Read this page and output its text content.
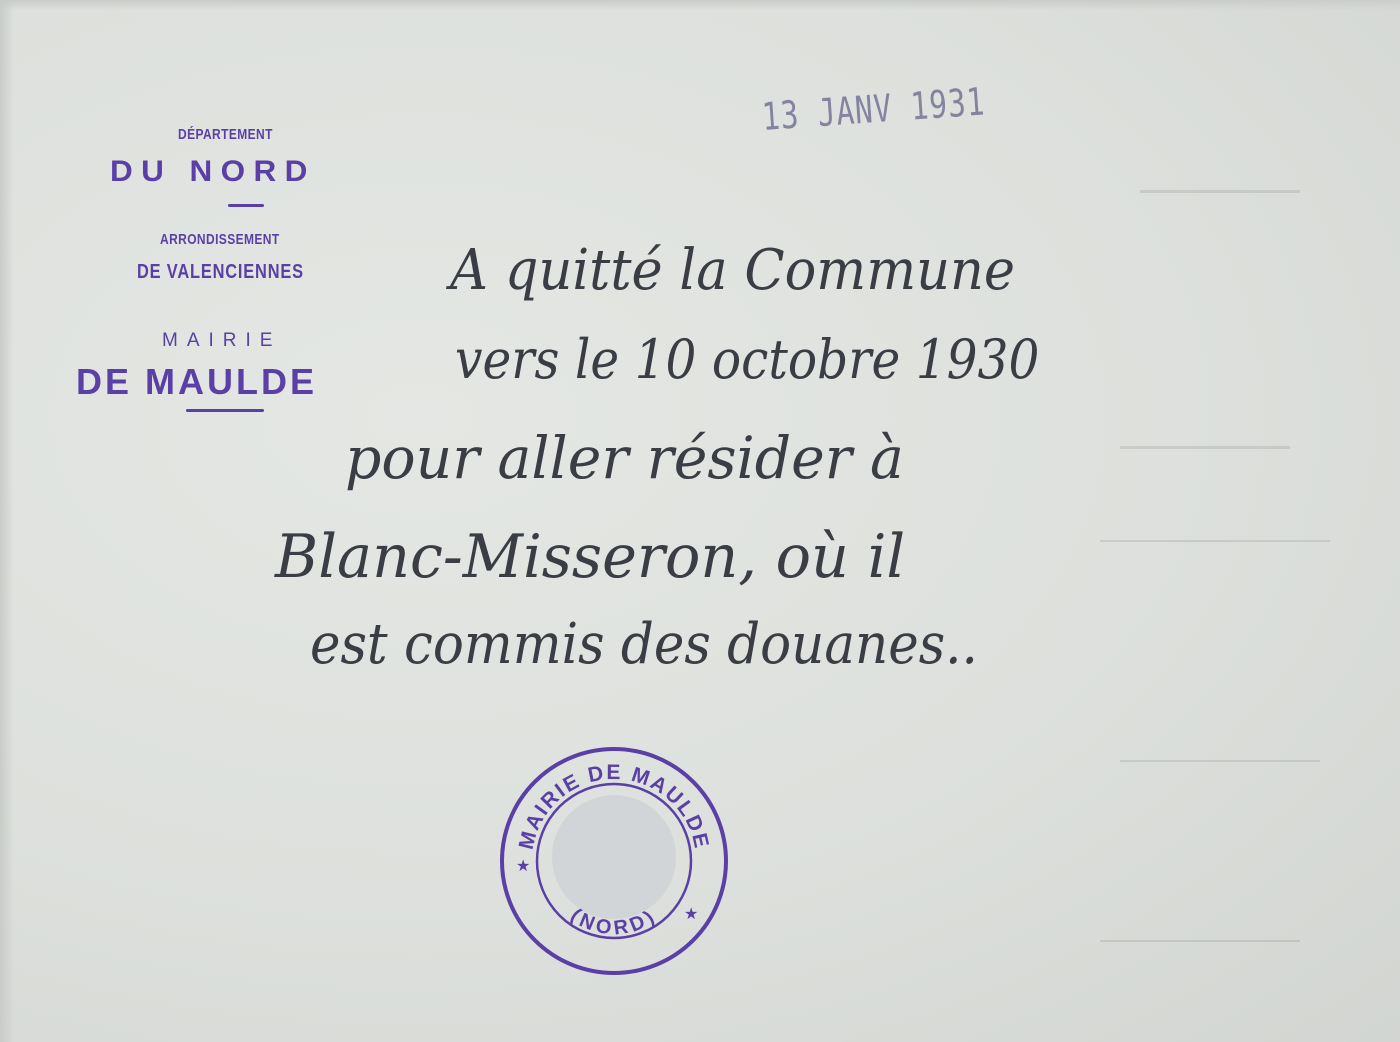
DÉPARTEMENT
DU NORD
ARRONDISSEMENT
DE VALENCIENNES
MAIRIE
DE MAULDE
13 JANV 1931
A quitté la Commune
vers le 10 octobre 1930
pour aller résider à
Blanc-Misseron, où il
est commis des douanes..
MAIRIE DE MAULDE
(NORD)
★
★
